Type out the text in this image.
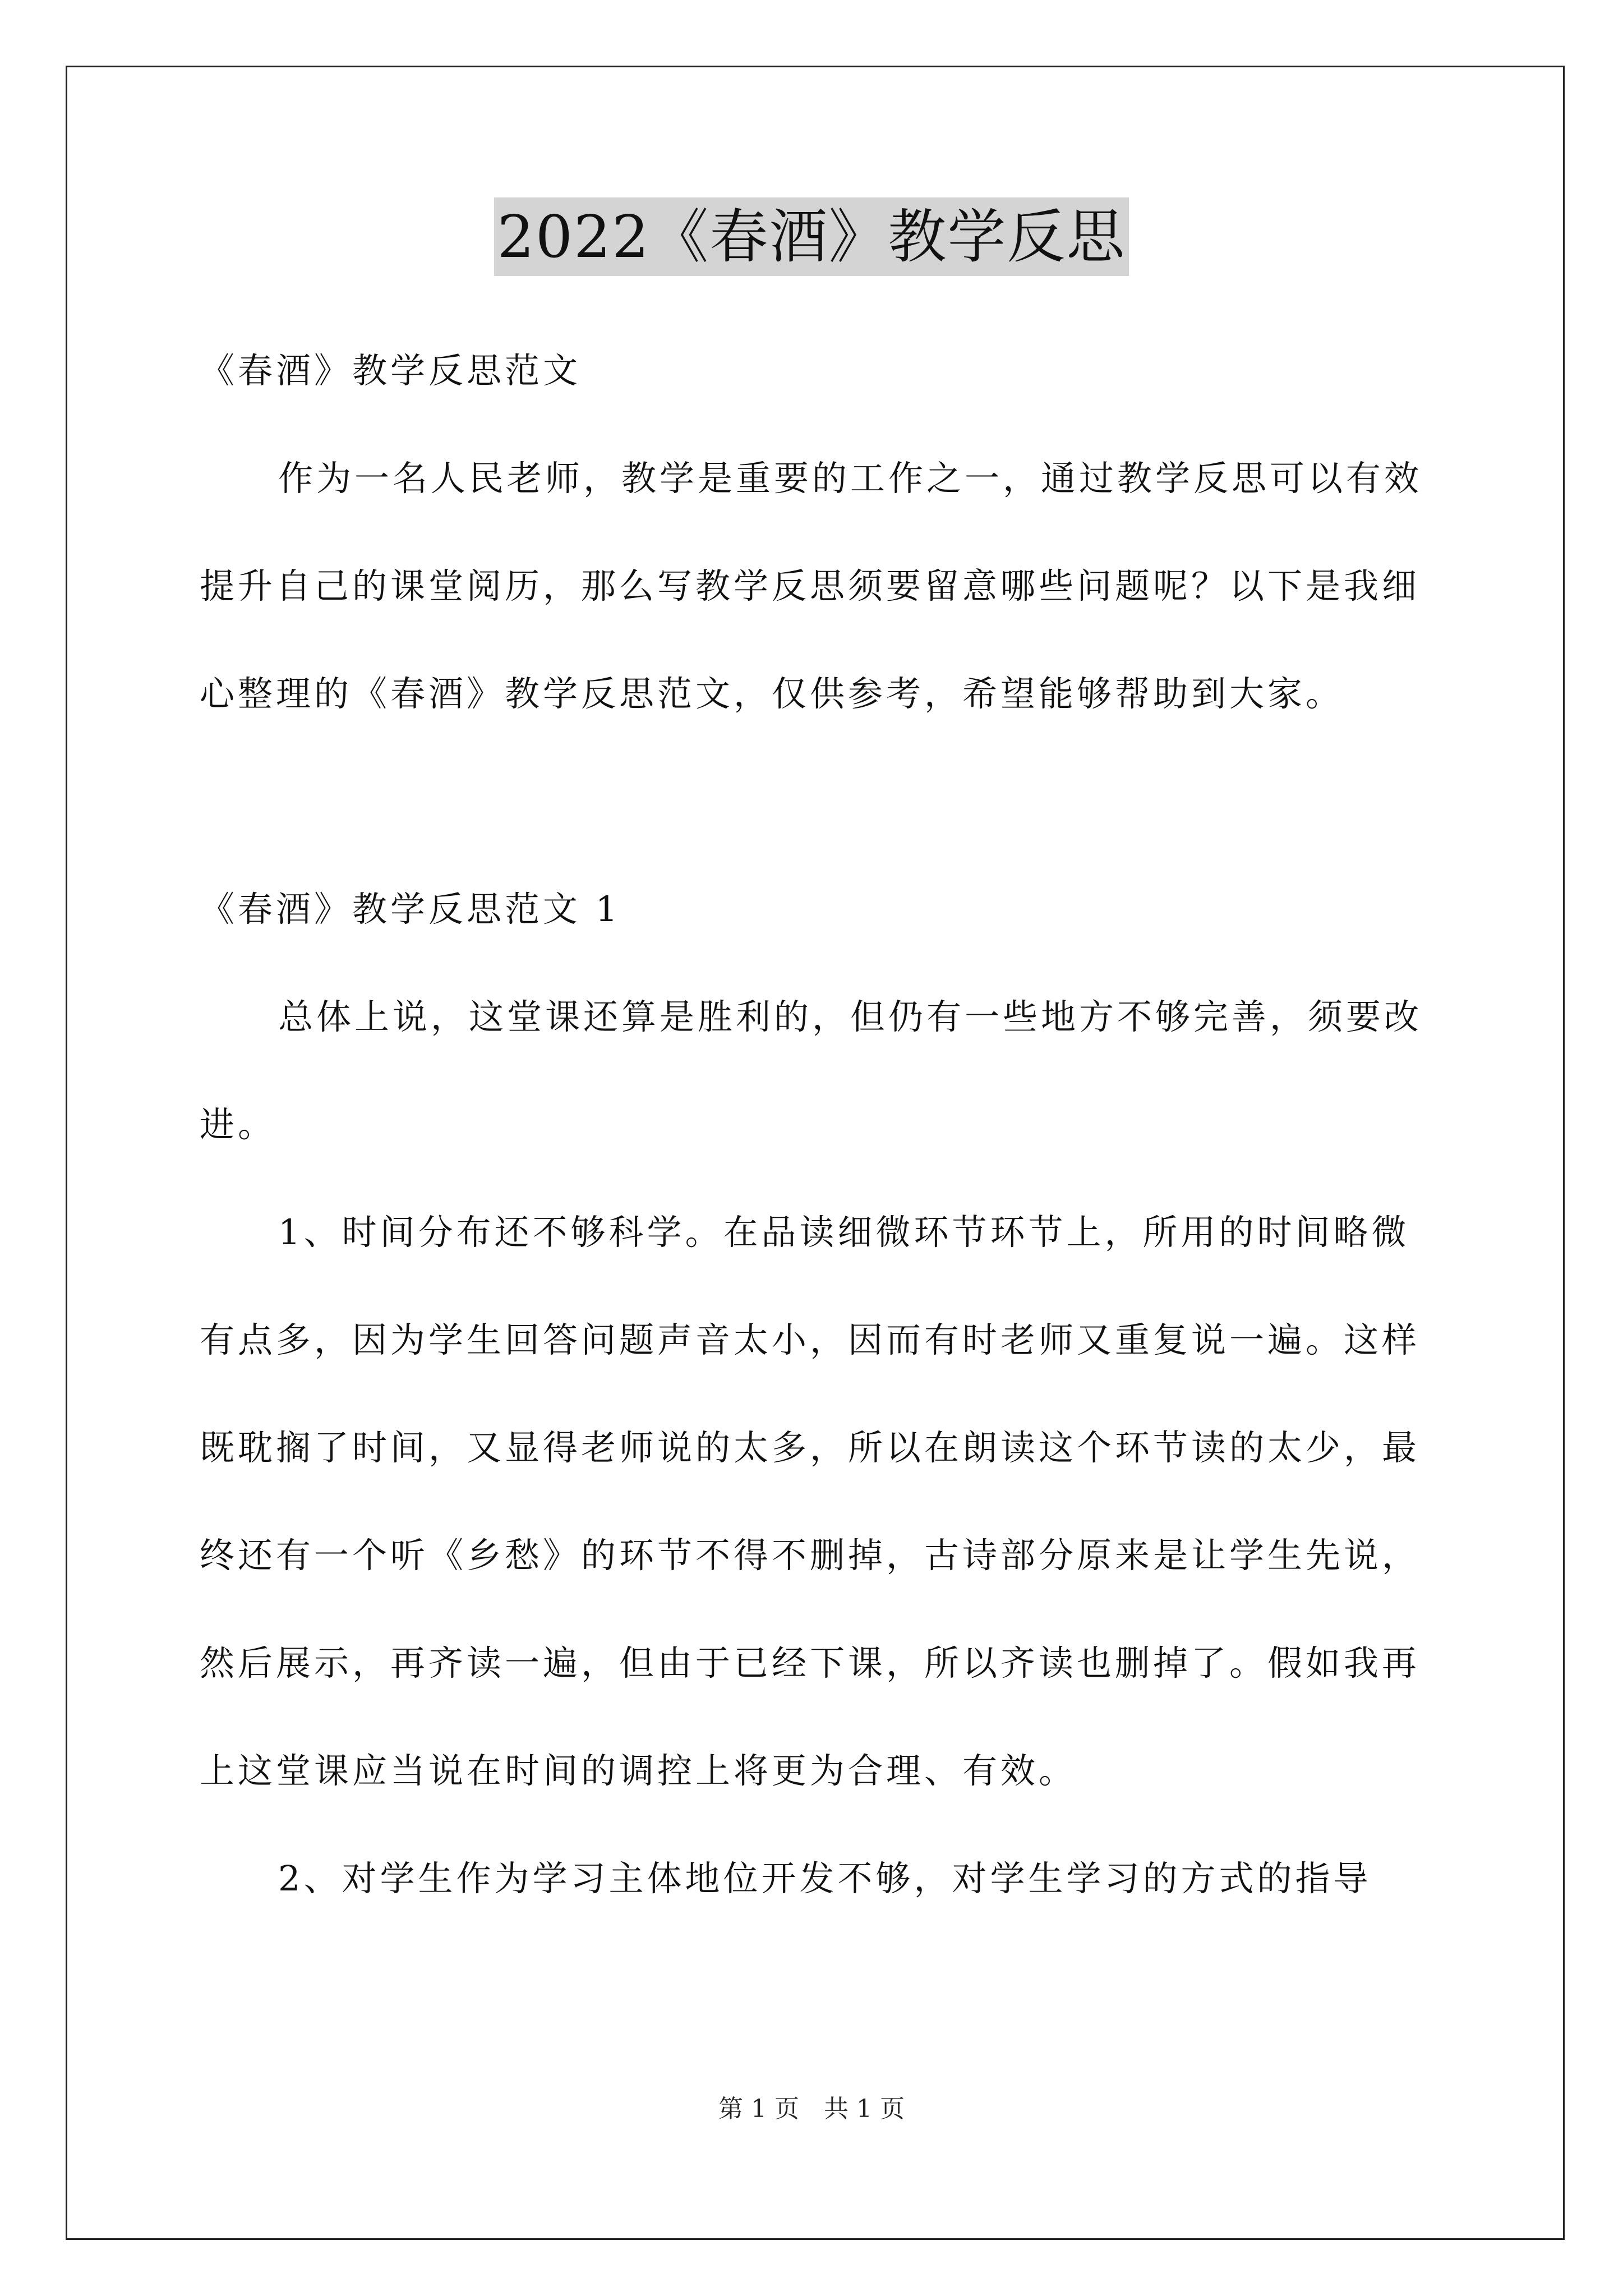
2022《春酒》教学反思

《春酒》教学反思范文

作为一名人民老师，教学是重要的工作之一，通过教学反思可以有效提升自己的课堂阅历，那么写教学反思须要留意哪些问题呢？以下是我细心整理的《春酒》教学反思范文，仅供参考，希望能够帮助到大家。

《春酒》教学反思范文 1

总体上说，这堂课还算是胜利的，但仍有一些地方不够完善，须要改进。

1、时间分布还不够科学。在品读细微环节环节上，所用的时间略微有点多，因为学生回答问题声音太小，因而有时老师又重复说一遍。这样既耽搁了时间，又显得老师说的太多，所以在朗读这个环节读的太少，最终还有一个听《乡愁》的环节不得不删掉，古诗部分原来是让学生先说，然后展示，再齐读一遍，但由于已经下课，所以齐读也删掉了。假如我再上这堂课应当说在时间的调控上将更为合理、有效。

2、对学生作为学习主体地位开发不够，对学生学习的方式的指导

第 1 页　共 1 页
